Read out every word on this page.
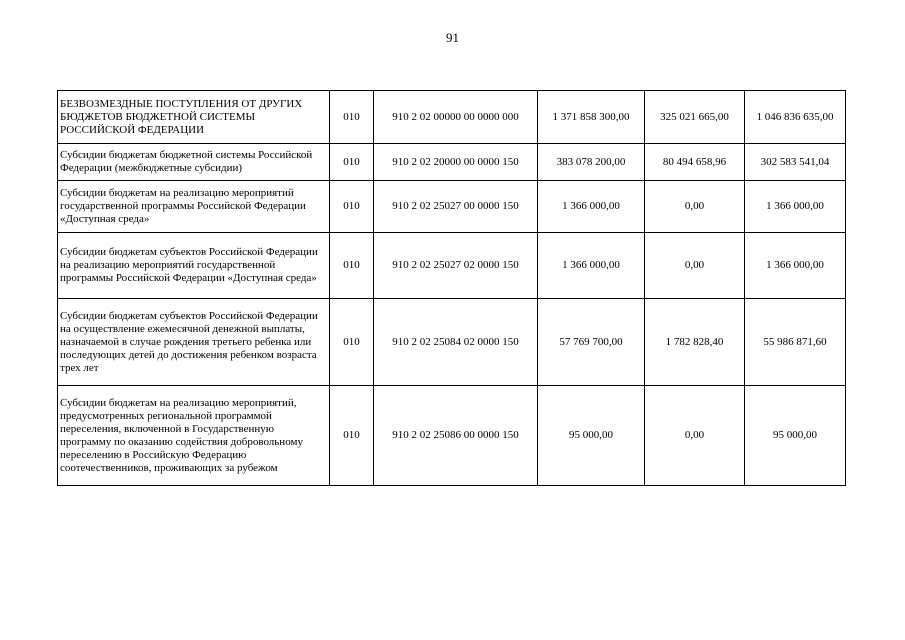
91
БЕЗВОЗМЕЗДНЫЕ ПОСТУПЛЕНИЯ ОТ ДРУГИХ БЮДЖЕТОВ БЮДЖЕТНОЙ СИСТЕМЫ РОССИЙСКОЙ ФЕДЕРАЦИИ	010	910 2 02 00000 00 0000 000	1 371 858 300,00	325 021 665,00	1 046 836 635,00
Субсидии бюджетам бюджетной системы Российской Федерации (межбюджетные субсидии)	010	910 2 02 20000 00 0000 150	383 078 200,00	80 494 658,96	302 583 541,04
Субсидии бюджетам на реализацию мероприятий государственной программы Российской Федерации «Доступная среда»	010	910 2 02 25027 00 0000 150	1 366 000,00	0,00	1 366 000,00
Субсидии бюджетам субъектов Российской Федерации на реализацию мероприятий государственной программы Российской Федерации «Доступная среда»	010	910 2 02 25027 02 0000 150	1 366 000,00	0,00	1 366 000,00
Субсидии бюджетам субъектов Российской Федерации на осуществление ежемесячной денежной выплаты, назначаемой в случае рождения третьего ребенка или последующих детей до достижения ребенком возраста трех лет	010	910 2 02 25084 02 0000 150	57 769 700,00	1 782 828,40	55 986 871,60
Субсидии бюджетам на реализацию мероприятий, предусмотренных региональной программой переселения, включенной в Государственную программу по оказанию содействия добровольному переселению в Российскую Федерацию соотечественников, проживающих за рубежом	010	910 2 02 25086 00 0000 150	95 000,00	0,00	95 000,00
